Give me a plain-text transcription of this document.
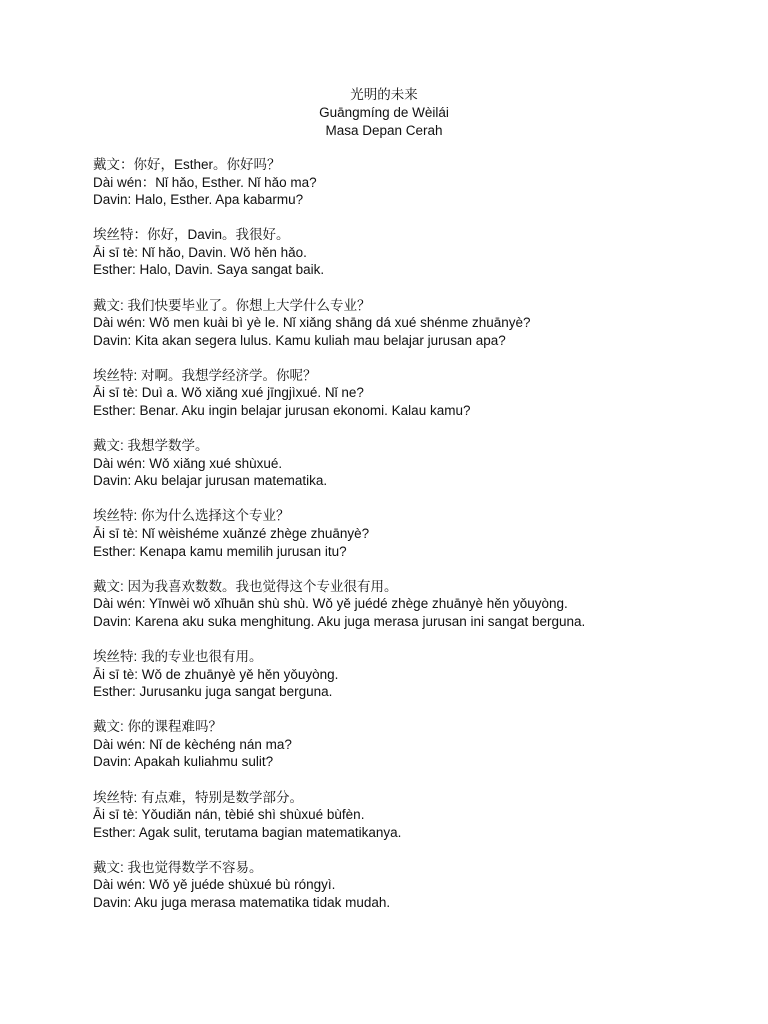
光明的未来
Guāngmíng de Wèilái
Masa Depan Cerah
戴文：你好，Esther。你好吗？
Dài wén：Nǐ hǎo, Esther. Nǐ hǎo ma?
Davin: Halo, Esther. Apa kabarmu?
埃丝特：你好，Davin。我很好。
Āi sī tè: Nǐ hǎo, Davin. Wǒ hěn hǎo.
Esther: Halo, Davin. Saya sangat baik.
戴文: 我们快要毕业了。你想上大学什么专业？
Dài wén: Wǒ men kuài bì yè le. Nǐ xiǎng shāng dá xué shénme zhuānyè?
Davin: Kita akan segera lulus. Kamu kuliah mau belajar jurusan apa?
埃丝特: 对啊。我想学经济学。你呢？
Āi sī tè: Duì a. Wǒ xiǎng xué jīngjìxué. Nǐ ne?
Esther: Benar. Aku ingin belajar jurusan ekonomi. Kalau kamu?
戴文: 我想学数学。
Dài wén: Wǒ xiǎng xué shùxué.
Davin: Aku belajar jurusan matematika.
埃丝特: 你为什么选择这个专业？
Āi sī tè: Nǐ wèishéme xuǎnzé zhège zhuānyè?
Esther: Kenapa kamu memilih jurusan itu?
戴文: 因为我喜欢数数。我也觉得这个专业很有用。
Dài wén: Yīnwèi wǒ xǐhuān shù shù. Wǒ yě juédé zhège zhuānyè hěn yǒuyòng.
Davin: Karena aku suka menghitung. Aku juga merasa jurusan ini sangat berguna.
埃丝特: 我的专业也很有用。
Āi sī tè: Wǒ de zhuānyè yě hěn yǒuyòng.
Esther: Jurusanku juga sangat berguna.
戴文: 你的课程难吗？
Dài wén: Nǐ de kèchéng nán ma?
Davin: Apakah kuliahmu sulit?
埃丝特: 有点难，特别是数学部分。
Āi sī tè: Yǒudiǎn nán, tèbié shì shùxué bùfèn.
Esther: Agak sulit, terutama bagian matematikanya.
戴文: 我也觉得数学不容易。
Dài wén: Wǒ yě juéde shùxué bù róngyì.
Davin: Aku juga merasa matematika tidak mudah.
